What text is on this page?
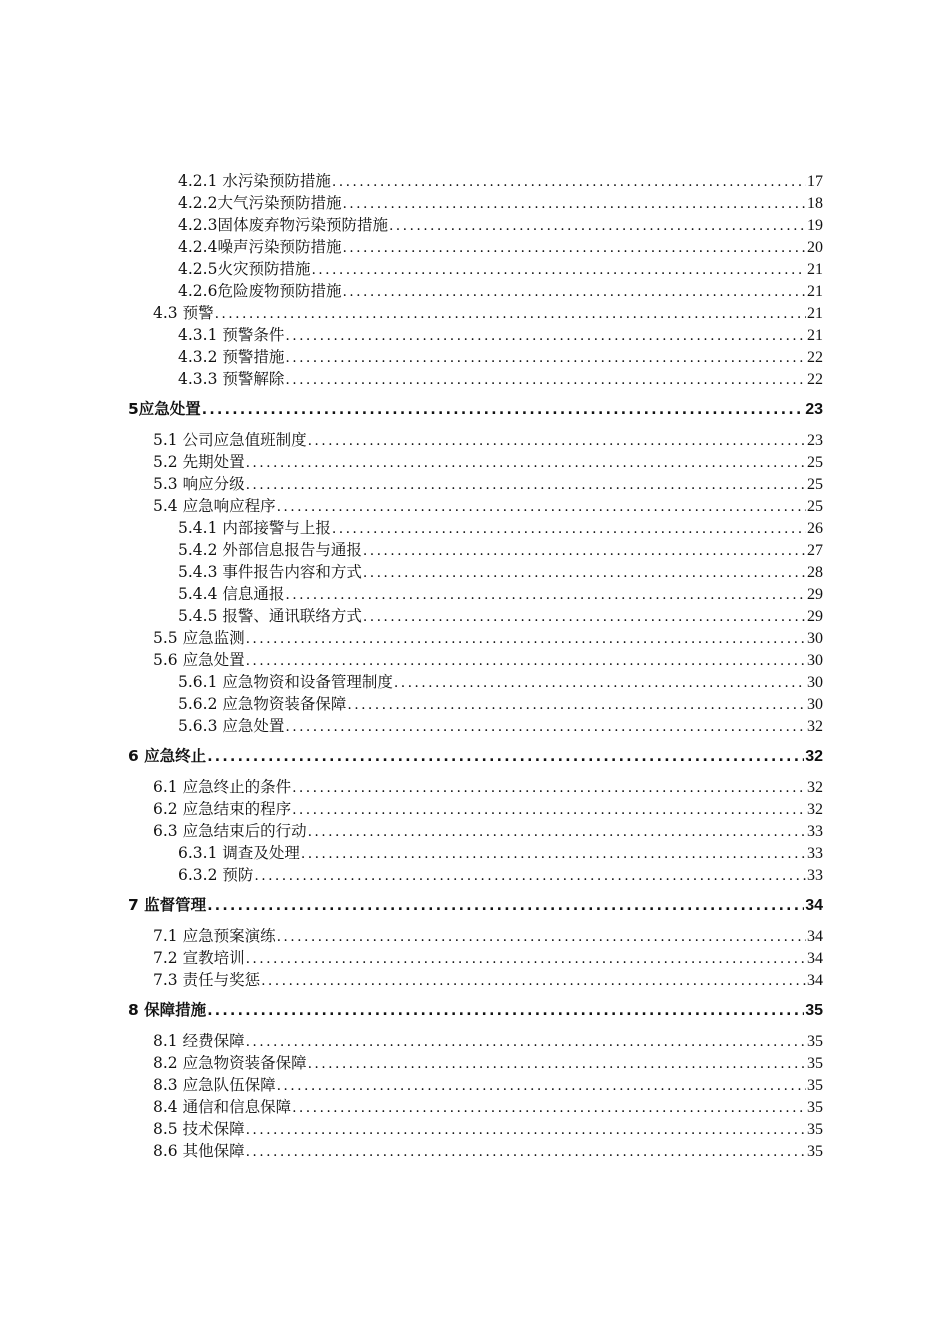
4.2.1 水污染预防措施 .....	17
4.2.2大气污染预防措施 .....	18
4.2.3固体废弃物污染预防措施 .....	19
4.2.4噪声污染预防措施 .....	20
4.2.5火灾预防措施 .....	21
4.2.6危险废物预防措施 .....	21
4.3 预警 .....	21
4.3.1 预警条件 .....	21
4.3.2 预警措施 .....	22
4.3.3 预警解除 .....	22
5应急处置 .....	23
5.1 公司应急值班制度 .....	23
5.2 先期处置 .....	25
5.3 响应分级 .....	25
5.4 应急响应程序 .....	25
5.4.1 内部接警与上报 .....	26
5.4.2 外部信息报告与通报 .....	27
5.4.3 事件报告内容和方式 .....	28
5.4.4 信息通报 .....	29
5.4.5 报警、通讯联络方式 .....	29
5.5 应急监测 .....	30
5.6 应急处置 .....	30
5.6.1 应急物资和设备管理制度 .....	30
5.6.2 应急物资装备保障 .....	30
5.6.3 应急处置 .....	32
6 应急终止 .....	32
6.1 应急终止的条件 .....	32
6.2 应急结束的程序 .....	32
6.3 应急结束后的行动 .....	33
6.3.1 调查及处理 .....	33
6.3.2 预防 .....	33
7 监督管理 .....	34
7.1 应急预案演练 .....	34
7.2 宣教培训 .....	34
7.3 责任与奖惩 .....	34
8 保障措施 .....	35
8.1 经费保障 .....	35
8.2 应急物资装备保障 .....	35
8.3 应急队伍保障 .....	35
8.4 通信和信息保障 .....	35
8.5 技术保障 .....	35
8.6 其他保障 .....	35
